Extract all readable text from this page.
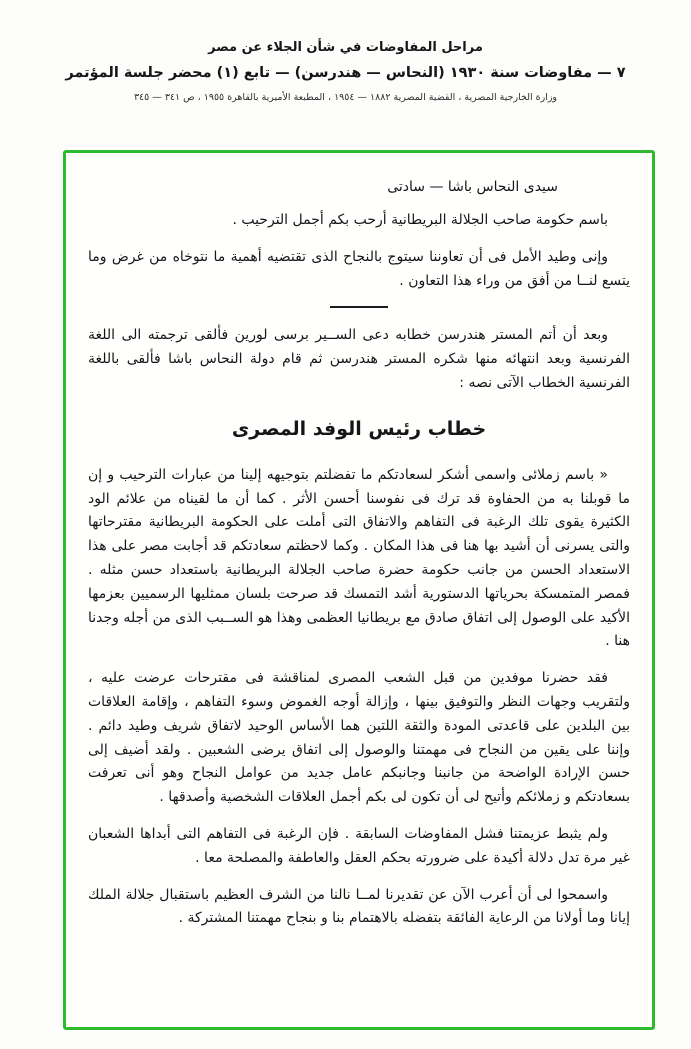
مراحل المفاوضات في شأن الجلاء عن مصر
٧ — مفاوضات سنة ١٩٣٠ (النحاس — هندرسن) — تابع (١) محضر جلسة المؤتمر
وزارة الخارجية المصرية ، القضية المصرية ١٨٨٢ — ١٩٥٤ ، المطبعة الأميرية بالقاهرة ١٩٥٥ ، ص ٣٤١ — ٣٤٥
سيدى النحاس باشا — سادتى

باسم حكومة صاحب الجلالة البريطانية أرحب بكم أجمل الترحيب .

وإنى وطيد الأمل فى أن تعاوننا سيتوج بالنجاح الذى تقتضيه أهمية ما نتوخاه من غرض وما يتسع لنــا من أفق من وراء هذا التعاون .

وبعد أن أتم المستر هندرسن خطابه دعى الســير برسى لورين فألقى ترجمته الى اللغة الفرنسية وبعد انتهائه منها شكره المستر هندرسن ثم قام دولة النحاس باشا فألقى باللغة الفرنسية الخطاب الآتى نصه :

خطاب رئيس الوفد المصرى

« باسم زملائى واسمى أشكر لسعادتكم ما تفضلتم بتوجيهه إلينا من عبارات الترحيب و إن ما قوبلنا به من الحفاوة قد ترك فى نفوسنا أحسن الأثر . كما أن ما لقيناه من علائم الود الكثيرة يقوى تلك الرغبة فى التفاهم والاتفاق التى أملت على الحكومة البريطانية مقترحاتها والتى يسرنى أن أشيد بها هنا فى هذا المكان . وكما لاحظتم سعادتكم قد أجابت مصر على هذا الاستعداد الحسن من جانب حكومة حضرة صاحب الجلالة البريطانية باستعداد حسن مثله . فمصر المتمسكة بحرياتها الدستورية أشد التمسك قد صرحت بلسان ممثليها الرسميين بعزمها الأكيد على الوصول إلى اتفاق صادق مع بريطانيا العظمى وهذا هو الســبب الذى من أجله وجدنا هنا .

فقد حضرنا موفدين من قبل الشعب المصرى لمناقشة فى مقترحات عرضت عليه ، ولتقريب وجهات النظر والتوفيق بينها ، وإزالة أوجه الغموض وسوء التفاهم ، وإقامة العلاقات بين البلدين على قاعدتى المودة والثقة اللتين هما الأساس الوحيد لاتفاق شريف وطيد دائم . وإننا على يقين من النجاح فى مهمتنا والوصول إلى اتفاق يرضى الشعبين . ولقد أضيف إلى حسن الإرادة الواضحة من جانبنا وجانبكم عامل جديد من عوامل النجاح وهو أنى تعرفت بسعادتكم و زملائكم وأتيح لى أن تكون لى بكم أجمل العلاقات الشخصية وأصدقها .

ولم يثبط عزيمتنا فشل المفاوضات السابقة . فإن الرغبة فى التفاهم التى أبداها الشعبان غير مرة تدل دلالة أكيدة على ضرورته بحكم العقل والعاطفة والمصلحة معا .

واسمحوا لى أن أعرب الآن عن تقديرنا لمــا نالنا من الشرف العظيم باستقبال جلالة الملك إيانا وما أولانا من الرعاية الفائقة بتفضله بالاهتمام بنا و بنجاح مهمتنا المشتركة .
